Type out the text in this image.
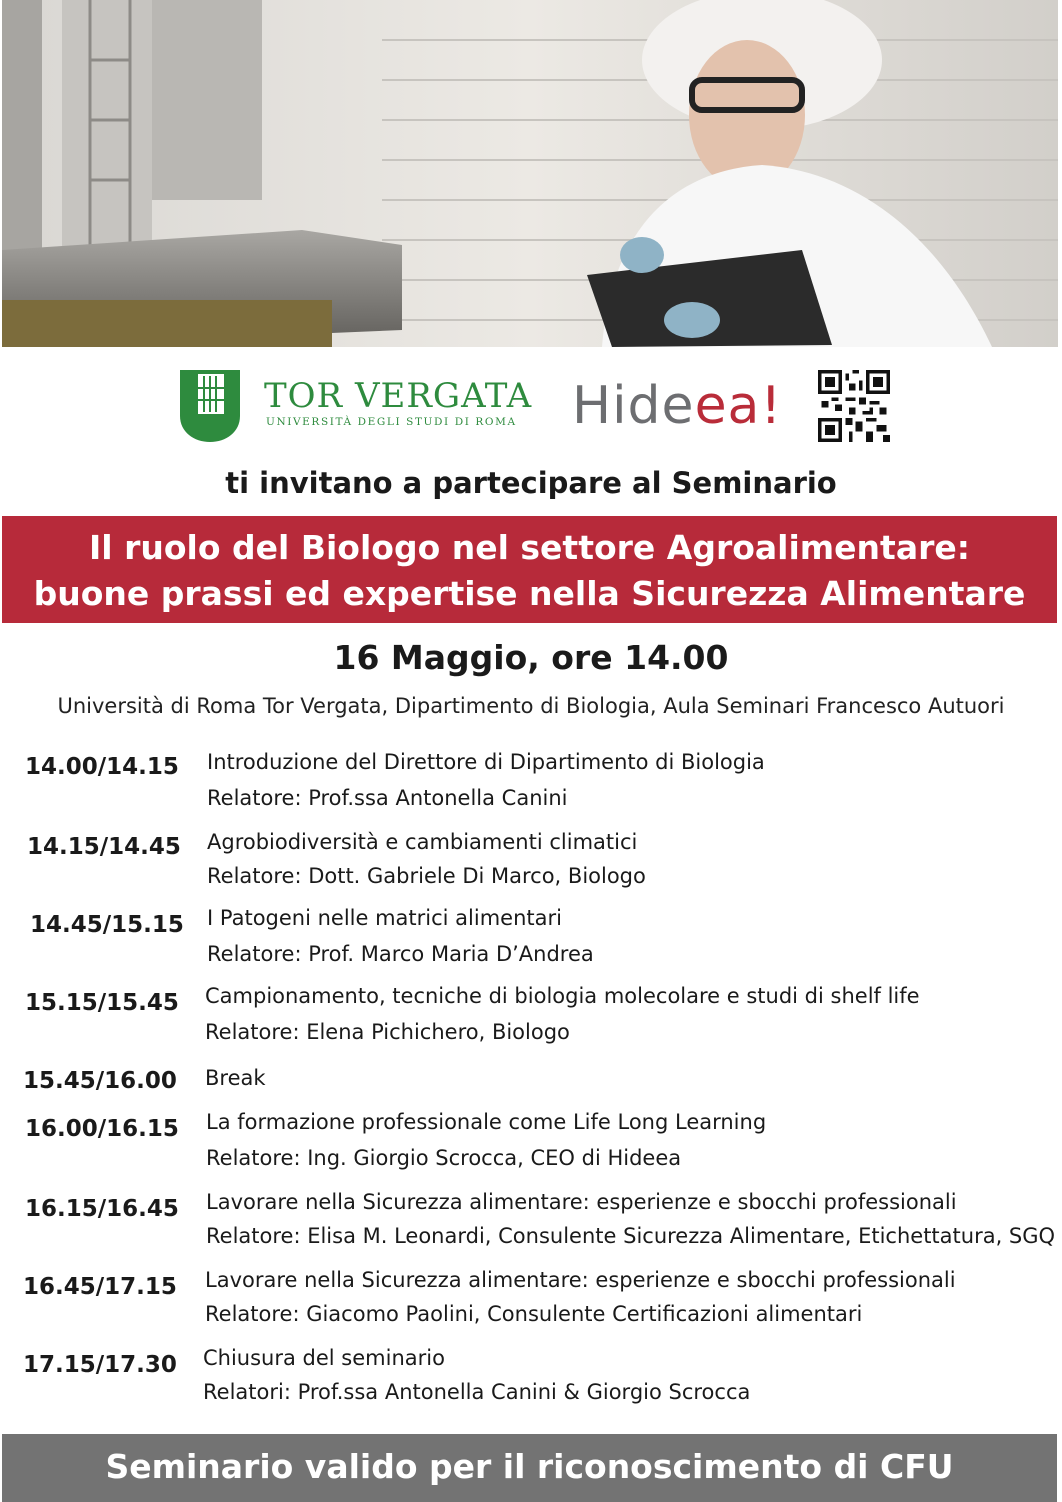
TOR VERGATA
UNIVERSITÀ DEGLI STUDI DI ROMA Hideea!
ti invitano a partecipare al Seminario
Il ruolo del Biologo nel settore Agroalimentare:
buone prassi ed expertise nella Sicurezza Alimentare
16 Maggio, ore 14.00
Università di Roma Tor Vergata, Dipartimento di Biologia, Aula Seminari Francesco Autuori
14.00/14.15 Introduzione del Direttore di Dipartimento di Biologia
Relatore: Prof.ssa Antonella Canini
14.15/14.45 Agrobiodiversità e cambiamenti climatici
Relatore: Dott. Gabriele Di Marco, Biologo
14.45/15.15 I Patogeni nelle matrici alimentari
Relatore: Prof. Marco Maria D’Andrea
15.15/15.45 Campionamento, tecniche di biologia molecolare e studi di shelf life
Relatore: Elena Pichichero, Biologo
15.45/16.00 Break
16.00/16.15 La formazione professionale come Life Long Learning
Relatore: Ing. Giorgio Scrocca, CEO di Hideea
16.15/16.45 Lavorare nella Sicurezza alimentare: esperienze e sbocchi professionali
Relatore: Elisa M. Leonardi, Consulente Sicurezza Alimentare, Etichettatura, SGQ
16.45/17.15 Lavorare nella Sicurezza alimentare: esperienze e sbocchi professionali
Relatore: Giacomo Paolini, Consulente Certificazioni alimentari
17.15/17.30 Chiusura del seminario
Relatori: Prof.ssa Antonella Canini & Giorgio Scrocca
Seminario valido per il riconoscimento di CFU
